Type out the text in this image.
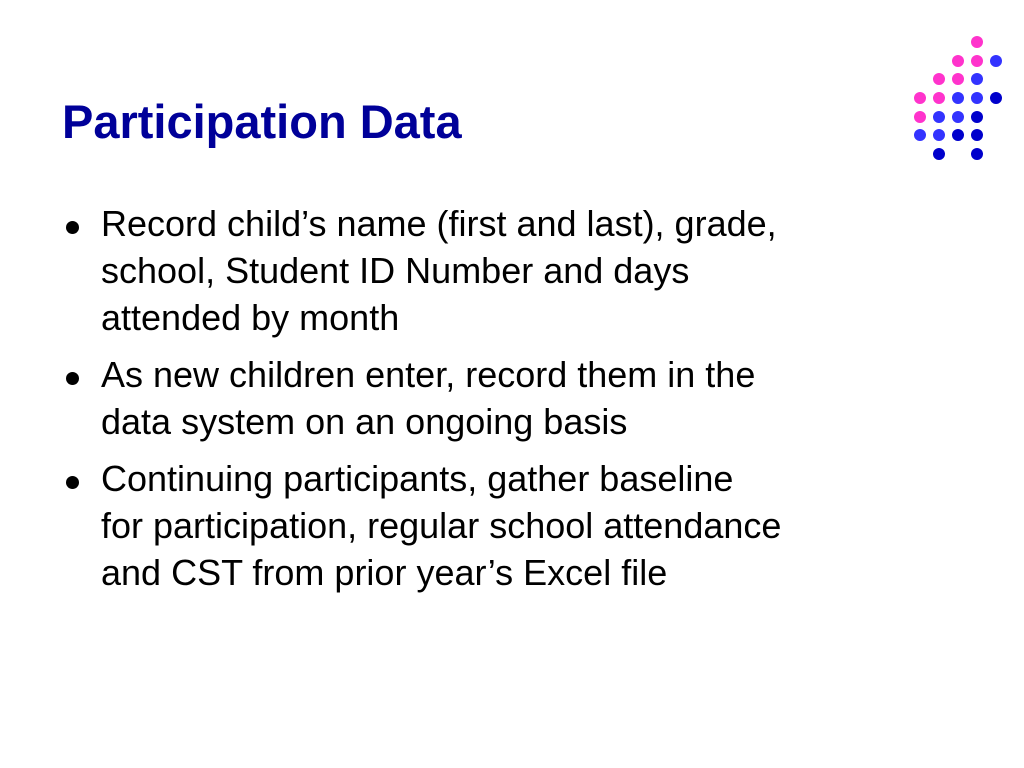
Participation Data
Record child’s name (first and last), grade,
school, Student ID Number and days
attended by month
As new children enter, record them in the
data system on an ongoing basis
Continuing participants, gather baseline
for participation, regular school attendance
and CST from prior year’s Excel file
